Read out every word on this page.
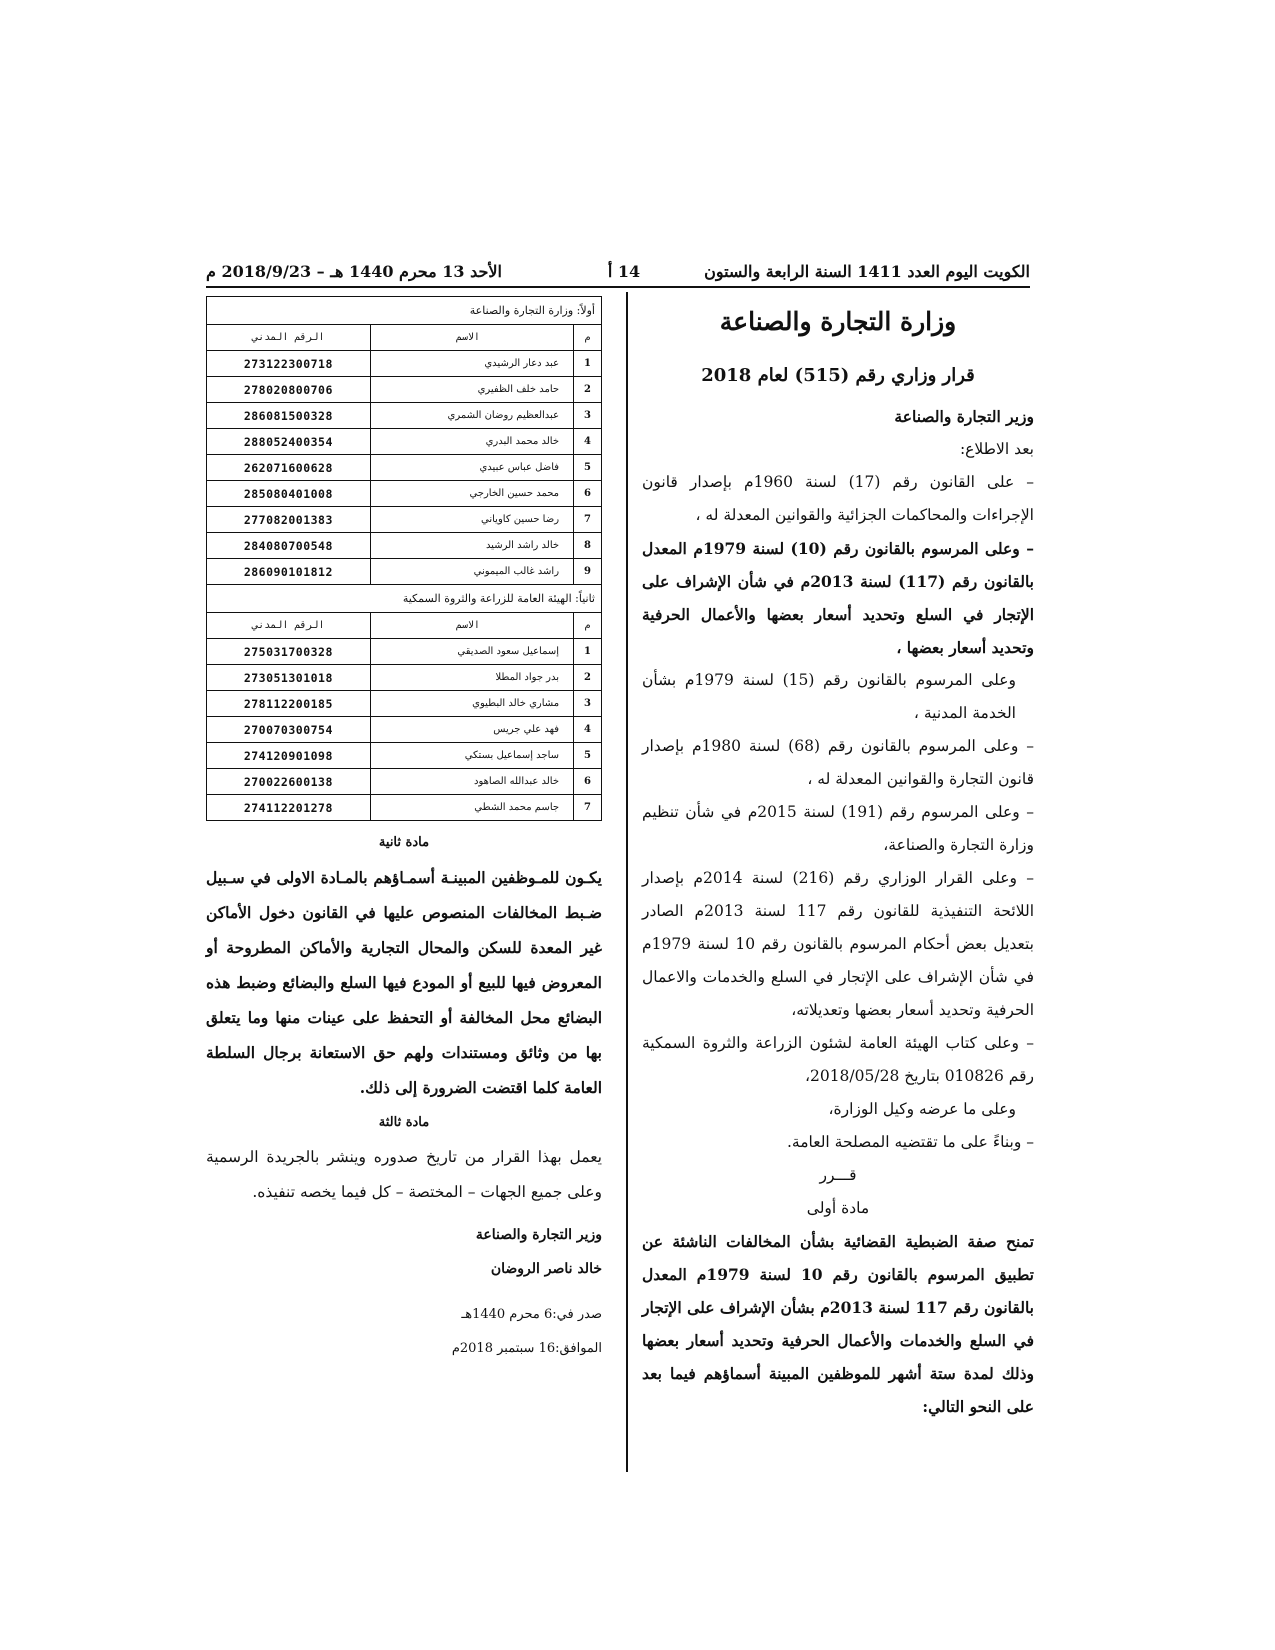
الكويت اليوم العدد 1411 السنة الرابعة والستون
14 أ
الأحد 13 محرم 1440 هـ – 2018/9/23 م
وزارة التجارة والصناعة
قرار وزاري رقم (515) لعام 2018

وزير التجارة والصناعة

بعد الاطلاع:

– على القانون رقم (17) لسنة 1960م بإصدار قانون الإجراءات والمحاكمات الجزائية والقوانين المعدلة له ،

– وعلى المرسوم بالقانون رقم (10) لسنة 1979م المعدل بالقانون رقم (117) لسنة 2013م في شأن الإشراف على الإتجار في السلع وتحديد أسعار بعضها والأعمال الحرفية وتحديد أسعار بعضها ،

وعلى المرسوم بالقانون رقم (15) لسنة 1979م بشأن الخدمة المدنية ،

– وعلى المرسوم بالقانون رقم (68) لسنة 1980م بإصدار قانون التجارة والقوانين المعدلة له ،

– وعلى المرسوم رقم (191) لسنة 2015م في شأن تنظيم وزارة التجارة والصناعة،

– وعلى القرار الوزاري رقم (216) لسنة 2014م بإصدار اللائحة التنفيذية للقانون رقم 117 لسنة 2013م الصادر بتعديل بعض أحكام المرسوم بالقانون رقم 10 لسنة 1979م في شأن الإشراف على الإتجار في السلع والخدمات والاعمال الحرفية وتحديد أسعار بعضها وتعديلاته،

– وعلى كتاب الهيئة العامة لشئون الزراعة والثروة السمكية رقم 010826 بتاريخ 2018/05/28،

وعلى ما عرضه وكيل الوزارة،

– وبناءً على ما تقتضيه المصلحة العامة.

قـــرر

مادة أولى

تمنح صفة الضبطية القضائية بشأن المخالفات الناشئة عن تطبيق المرسوم بالقانون رقم 10 لسنة 1979م المعدل بالقانون رقم 117 لسنة 2013م بشأن الإشراف على الإتجار في السلع والخدمات والأعمال الحرفية وتحديد أسعار بعضها وذلك لمدة ستة أشهر للموظفين المبينة أسماؤهم فيما بعد على النحو التالي:

أولاً: وزارة التجارة والصناعة		
م	الاسم	الرقم المدني
1	عبد دعار الرشيدي	273122300718
2	حامد خلف الظفيري	278020800706
3	عبدالعظيم روضان الشمري	286081500328
4	خالد محمد البدري	288052400354
5	فاضل عباس عبيدي	262071600628
6	محمد حسين الخارجي	285080401008
7	رضا حسين كاوياني	277082001383
8	خالد راشد الرشيد	284080700548
9	راشد غالب الميموني	286090101812
ثانياً: الهيئة العامة للزراعة والثروة السمكية		
م	الاسم	الرقم المدني
1	إسماعيل سعود الصديقي	275031700328
2	بدر جواد المطلا	273051301018
3	مشاري خالد البطيوي	278112200185
4	فهد علي جريس	270070300754
5	ساجد إسماعيل بستكي	274120901098
6	خالد عبدالله الصاهود	270022600138
7	جاسم محمد الشطي	274112201278

مادة ثانية

يكـون للمـوظفين المبينـة أسمـاؤهم بالمـادة الاولى في سـبيل ضـبط المخالفات المنصوص عليها في القانون دخول الأماكن غير المعدة للسكن والمحال التجارية والأماكن المطروحة أو المعروض فيها للبيع أو المودع فيها السلع والبضائع وضبط هذه البضائع محل المخالفة أو التحفظ على عينات منها وما يتعلق بها من وثائق ومستندات ولهم حق الاستعانة برجال السلطة العامة كلما اقتضت الضرورة إلى ذلك.

مادة ثالثة

يعمل بهذا القرار من تاريخ صدوره وينشر بالجريدة الرسمية وعلى جميع الجهات – المختصة – كل فيما يخصه تنفيذه.

وزير التجارة والصناعة
خالد ناصر الروضان
صدر في:6 محرم 1440هـ
الموافق:16 سبتمبر 2018م
